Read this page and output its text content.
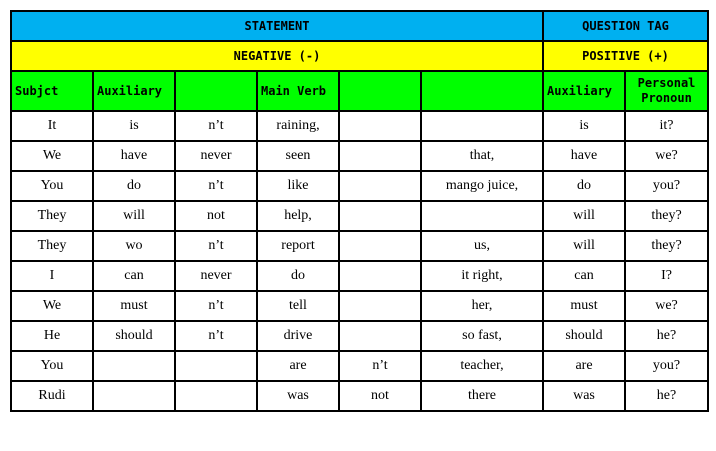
STATEMENT						QUESTION TAG	
NEGATIVE (-)						POSITIVE (+)	
Subjct	Auxiliary		Main Verb			Auxiliary	Personal Pronoun
It	is	n’t	raining,			is	it?
We	have	never	seen		that,	have	we?
You	do	n’t	like		mango juice,	do	you?
They	will	not	help,			will	they?
They	wo	n’t	report		us,	will	they?
I	can	never	do		it right,	can	I?
We	must	n’t	tell		her,	must	we?
He	should	n’t	drive		so fast,	should	he?
You			are	n’t	teacher,	are	you?
Rudi			was	not	there	was	he?
